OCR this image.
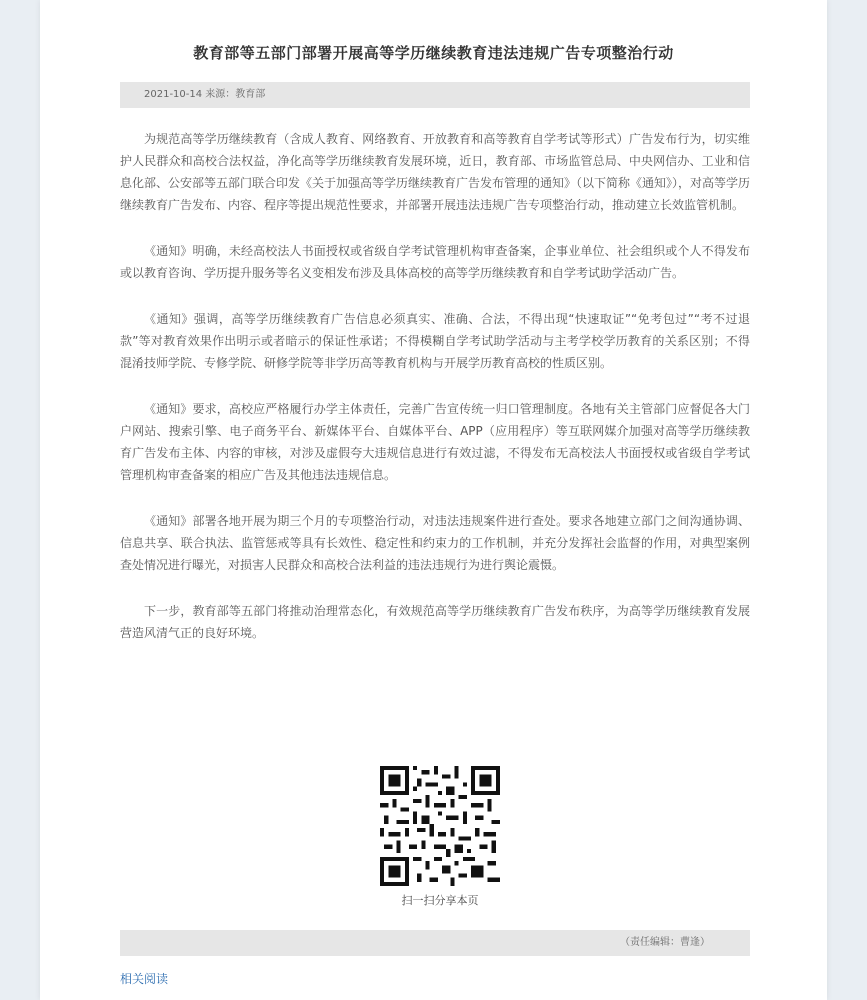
教育部等五部门部署开展高等学历继续教育违法违规广告专项整治行动
2021-10-14 来源：教育部

为规范高等学历继续教育（含成人教育、网络教育、开放教育和高等教育自学考试等形式）广告发布行为，切实维护人民群众和高校合法权益，净化高等学历继续教育发展环境，近日，教育部、市场监管总局、中央网信办、工业和信息化部、公安部等五部门联合印发《关于加强高等学历继续教育广告发布管理的通知》（以下简称《通知》），对高等学历继续教育广告发布、内容、程序等提出规范性要求，并部署开展违法违规广告专项整治行动，推动建立长效监管机制。

《通知》明确，未经高校法人书面授权或省级自学考试管理机构审查备案，企事业单位、社会组织或个人不得发布或以教育咨询、学历提升服务等名义变相发布涉及具体高校的高等学历继续教育和自学考试助学活动广告。

《通知》强调，高等学历继续教育广告信息必须真实、准确、合法，不得出现“快速取证”“免考包过”“考不过退款”等对教育效果作出明示或者暗示的保证性承诺；不得模糊自学考试助学活动与主考学校学历教育的关系区别；不得混淆技师学院、专修学院、研修学院等非学历高等教育机构与开展学历教育高校的性质区别。

《通知》要求，高校应严格履行办学主体责任，完善广告宣传统一归口管理制度。各地有关主管部门应督促各大门户网站、搜索引擎、电子商务平台、新媒体平台、自媒体平台、APP（应用程序）等互联网媒介加强对高等学历继续教育广告发布主体、内容的审核，对涉及虚假夸大违规信息进行有效过滤，不得发布无高校法人书面授权或省级自学考试管理机构审查备案的相应广告及其他违法违规信息。

《通知》部署各地开展为期三个月的专项整治行动，对违法违规案件进行查处。要求各地建立部门之间沟通协调、信息共享、联合执法、监管惩戒等具有长效性、稳定性和约束力的工作机制，并充分发挥社会监督的作用，对典型案例查处情况进行曝光，对损害人民群众和高校合法利益的违法违规行为进行舆论震慑。

下一步，教育部等五部门将推动治理常态化，有效规范高等学历继续教育广告发布秩序，为高等学历继续教育发展营造风清气正的良好环境。

扫一扫分享本页
（责任编辑：曹逢）
相关阅读
